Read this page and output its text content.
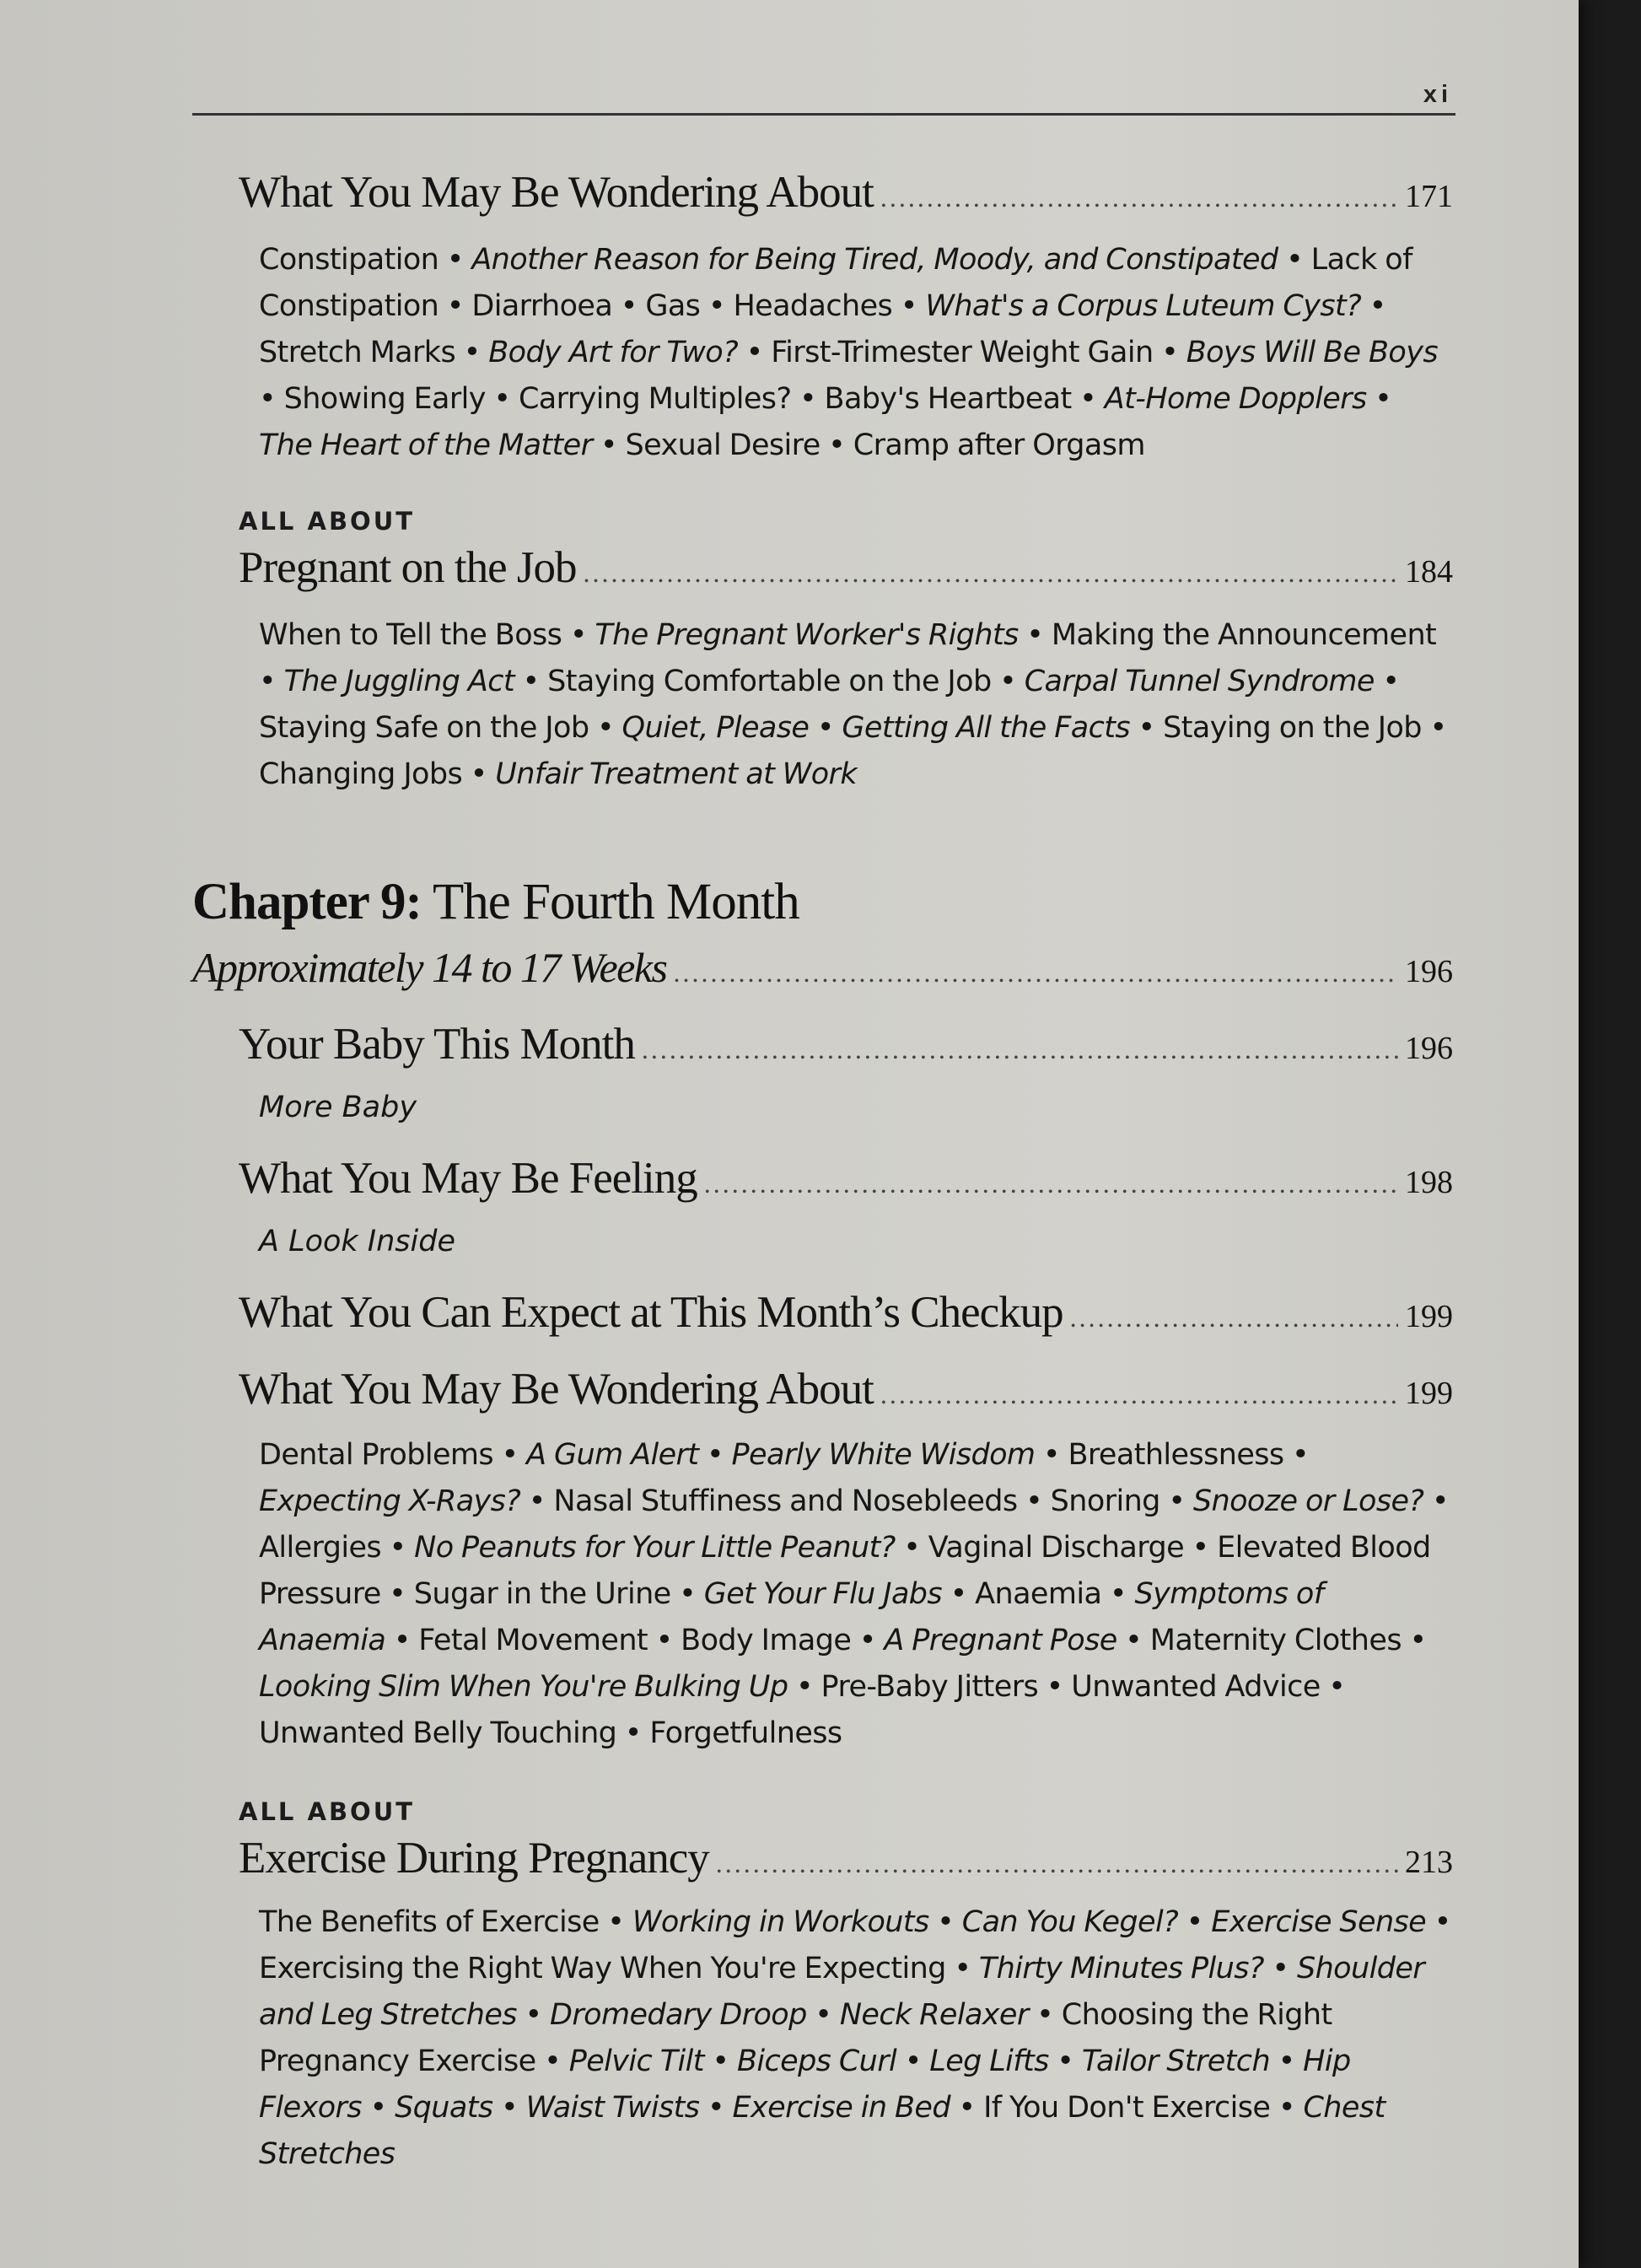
xi
What You May Be Wondering About .....	171

Constipation • Another Reason for Being Tired, Moody, and Constipated • Lack of Constipation • Diarrhoea • Gas • Headaches • What's a Corpus Luteum Cyst? • Stretch Marks • Body Art for Two? • First-Trimester Weight Gain • Boys Will Be Boys • Showing Early • Carrying Multiples? • Baby's Heartbeat • At-Home Dopplers • The Heart of the Matter • Sexual Desire • Cramp after Orgasm

ALL ABOUT
Pregnant on the Job .....	184

When to Tell the Boss • The Pregnant Worker's Rights • Making the Announcement • The Juggling Act • Staying Comfortable on the Job • Carpal Tunnel Syndrome • Staying Safe on the Job • Quiet, Please • Getting All the Facts • Staying on the Job • Changing Jobs • Unfair Treatment at Work

Chapter 9: The Fourth Month
Approximately 14 to 17 Weeks .....	196
Your Baby This Month .....	196
More Baby
What You May Be Feeling .....	198
A Look Inside
What You Can Expect at This Month’s Checkup .....	199
What You May Be Wondering About .....	199

Dental Problems • A Gum Alert • Pearly White Wisdom • Breathlessness • Expecting X-Rays? • Nasal Stuffiness and Nosebleeds • Snoring • Snooze or Lose? • Allergies • No Peanuts for Your Little Peanut? • Vaginal Discharge • Elevated Blood Pressure • Sugar in the Urine • Get Your Flu Jabs • Anaemia • Symptoms of Anaemia • Fetal Movement • Body Image • A Pregnant Pose • Maternity Clothes • Looking Slim When You're Bulking Up • Pre-Baby Jitters • Unwanted Advice • Unwanted Belly Touching • Forgetfulness

ALL ABOUT
Exercise During Pregnancy .....	213

The Benefits of Exercise • Working in Workouts • Can You Kegel? • Exercise Sense • Exercising the Right Way When You're Expecting • Thirty Minutes Plus? • Shoulder and Leg Stretches • Dromedary Droop • Neck Relaxer • Choosing the Right Pregnancy Exercise • Pelvic Tilt • Biceps Curl • Leg Lifts • Tailor Stretch • Hip Flexors • Squats • Waist Twists • Exercise in Bed • If You Don't Exercise • Chest Stretches
